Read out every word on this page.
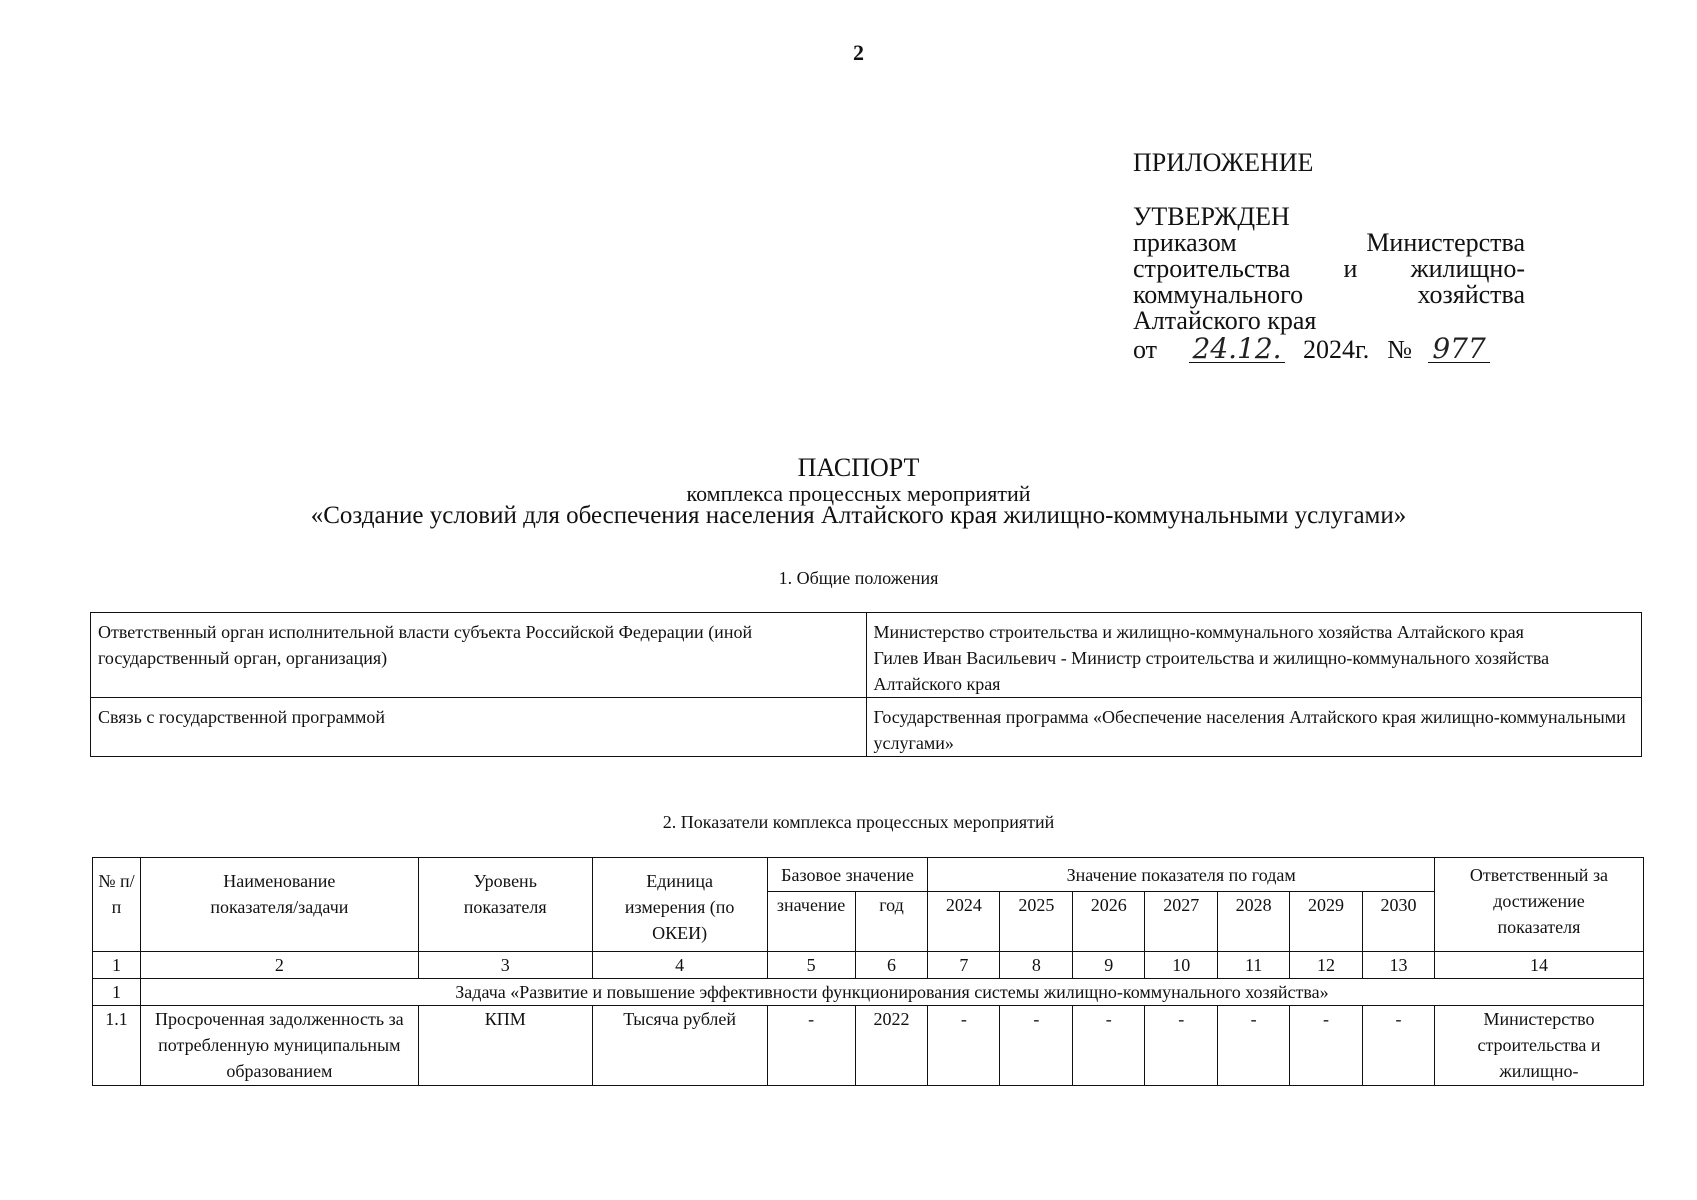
2
ПРИЛОЖЕНИЕ
УТВЕРЖДЕН
приказом	Министерства
строительства и жилищно-
коммунального	хозяйства
Алтайского края
от 24.12. 2024г. № 977
ПАСПОРТ
комплекса процессных мероприятий
«Создание условий для обеспечения населения Алтайского края жилищно-коммунальными услугами»
1. Общие положения
Ответственный орган исполнительной власти субъекта Российской Федерации (иной государственный орган, организация)	Министерство строительства и жилищно-коммунального хозяйства Алтайского края
Гилев Иван Васильевич - Министр строительства и жилищно-коммунального хозяйства Алтайского края

Связь с государственной программой	Государственная программа «Обеспечение населения Алтайского края жилищно-коммунальными услугами»
2. Показатели комплекса процессных мероприятий
№ п/п	Наименование показателя/задачи	Уровень показателя	Единица измерения (по ОКЕИ)	Базовое значение		Значение показателя по годам							Ответственный за достижение показателя
				значение	год	2024	2025	2026	2027	2028	2029	2030	
1	2	3	4	5	6	7	8	9	10	11	12	13	14
1	Задача «Развитие и повышение эффективности функционирования системы жилищно-коммунального хозяйства»												
1.1	Просроченная задолженность за потребленную муниципальным образованием	КПМ	Тысяча рублей	-	2022	-	-	-	-	-	-	-	Министерство строительства и жилищно-
